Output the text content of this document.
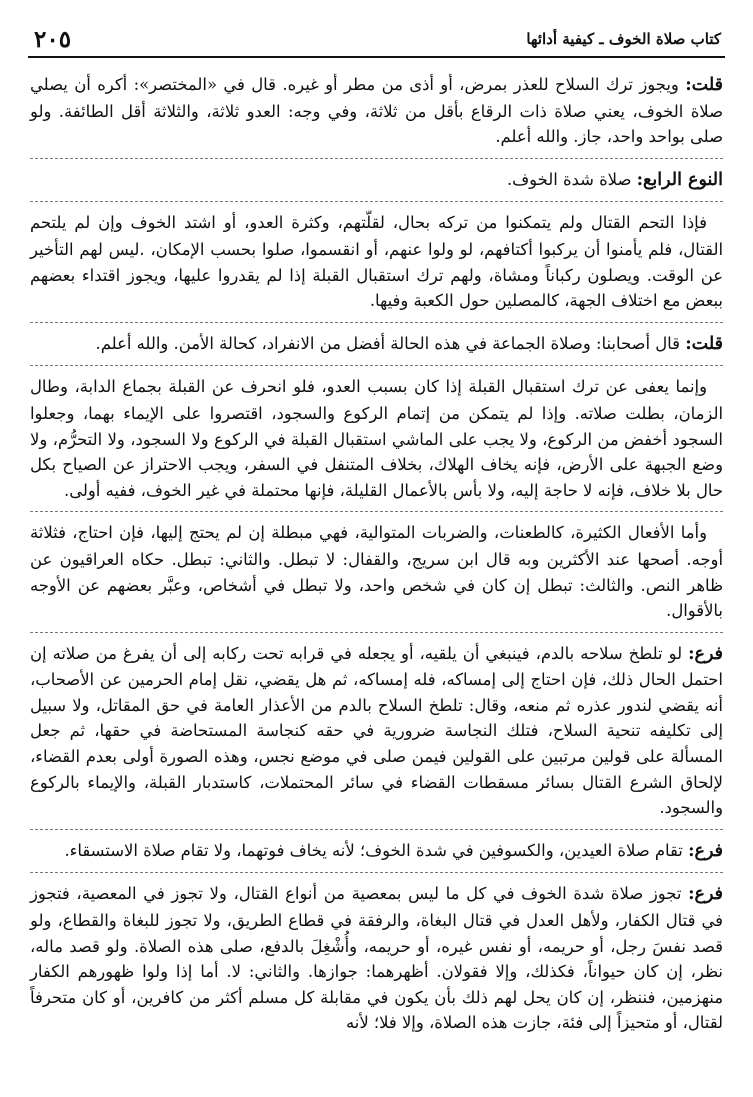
٢٠٥	كتاب صلاة الخوف ـ كيفية أدائها

قلت: ويجوز ترك السلاح للعذر بمرض، أو أذى من مطر أو غيره. قال في «المختصر»: أكره أن يصلي صلاة الخوف، يعني صلاة ذات الرقاع بأقل من ثلاثة، وفي وجه: العدو ثلاثة، والثلاثة أقل الطائفة. ولو صلى بواحد واحد، جاز. والله أعلم.

النوع الرابع: صلاة شدة الخوف.

فإذا التحم القتال ولم يتمكنوا من تركه بحال، لقلّتهم، وكثرة العدو، أو اشتد الخوف وإن لم يلتحم القتال، فلم يأمنوا أن يركبوا أكتافهم، لو ولوا عنهم، أو انقسموا، صلوا بحسب الإمكان، .ليس لهم التأخير عن الوقت. ويصلون ركباناً ومشاة، ولهم ترك استقبال القبلة إذا لم يقدروا عليها، ويجوز اقتداء بعضهم ببعض مع اختلاف الجهة، كالمصلين حول الكعبة وفيها.

قلت: قال أصحابنا: وصلاة الجماعة في هذه الحالة أفضل من الانفراد، كحالة الأمن. والله أعلم.

وإنما يعفى عن ترك استقبال القبلة إذا كان بسبب العدو، فلو انحرف عن القبلة بجماع الدابة، وطال الزمان، بطلت صلاته. وإذا لم يتمكن من إتمام الركوع والسجود، اقتصروا على الإيماء بهما، وجعلوا السجود أخفض من الركوع، ولا يجب على الماشي استقبال القبلة في الركوع ولا السجود، ولا التحرُّم، ولا وضع الجبهة على الأرض، فإنه يخاف الهلاك، بخلاف المتنفل في السفر، ويجب الاحتراز عن الصياح بكل حال بلا خلاف، فإنه لا حاجة إليه، ولا بأس بالأعمال القليلة، فإنها محتملة في غير الخوف، ففيه أولى.

وأما الأفعال الكثيرة، كالطعنات، والضربات المتوالية، فهي مبطلة إن لم يحتج إليها، فإن احتاج، فثلاثة أوجه. أصحها عند الأكثرين وبه قال ابن سريج، والقفال: لا تبطل. والثاني: تبطل. حكاه العراقيون عن ظاهر النص. والثالث: تبطل إن كان في شخص واحد، ولا تبطل في أشخاص، وعبَّر بعضهم عن الأوجه بالأقوال.

فرع: لو تلطخ سلاحه بالدم، فينبغي أن يلقيه، أو يجعله في قرابه تحت ركابه إلى أن يفرغ من صلاته إن احتمل الحال ذلك، فإن احتاج إلى إمساكه، فله إمساكه، ثم هل يقضي، نقل إمام الحرمين عن الأصحاب، أنه يقضي لندور عذره ثم منعه، وقال: تلطخ السلاح بالدم من الأعذار العامة في حق المقاتل، ولا سبيل إلى تكليفه تنحية السلاح، فتلك النجاسة ضرورية في حقه كنجاسة المستحاضة في حقها، ثم جعل المسألة على قولين مرتبين على القولين فيمن صلى في موضع نجس، وهذه الصورة أولى بعدم القضاء، لإلحاق الشرع القتال بسائر مسقطات القضاء في سائر المحتملات، كاستدبار القبلة، والإيماء بالركوع والسجود.

فرع: تقام صلاة العيدين، والكسوفين في شدة الخوف؛ لأنه يخاف فوتهما، ولا تقام صلاة الاستسقاء.

فرع: تجوز صلاة شدة الخوف في كل ما ليس بمعصية من أنواع القتال، ولا تجوز في المعصية، فتجوز في قتال الكفار، ولأهل العدل في قتال البغاة، والرفقة في قطاع الطريق، ولا تجوز للبغاة والقطاع، ولو قصد نفسَ رجل، أو حريمه، أو نفس غيره، أو حريمه، وأُشْغِلَ بالدفع، صلى هذه الصلاة. ولو قصد ماله، نظر، إن كان حيواناً، فكذلك، وإلا فقولان. أظهرهما: جوازها. والثاني: لا. أما إذا ولوا ظهورهم الكفار منهزمين، فننظر، إن كان يحل لهم ذلك بأن يكون في مقابلة كل مسلم أكثر من كافرين، أو كان متحرفاً لقتال، أو متحيزاً إلى فئة، جازت هذه الصلاة، وإلا فلا؛ لأنه
